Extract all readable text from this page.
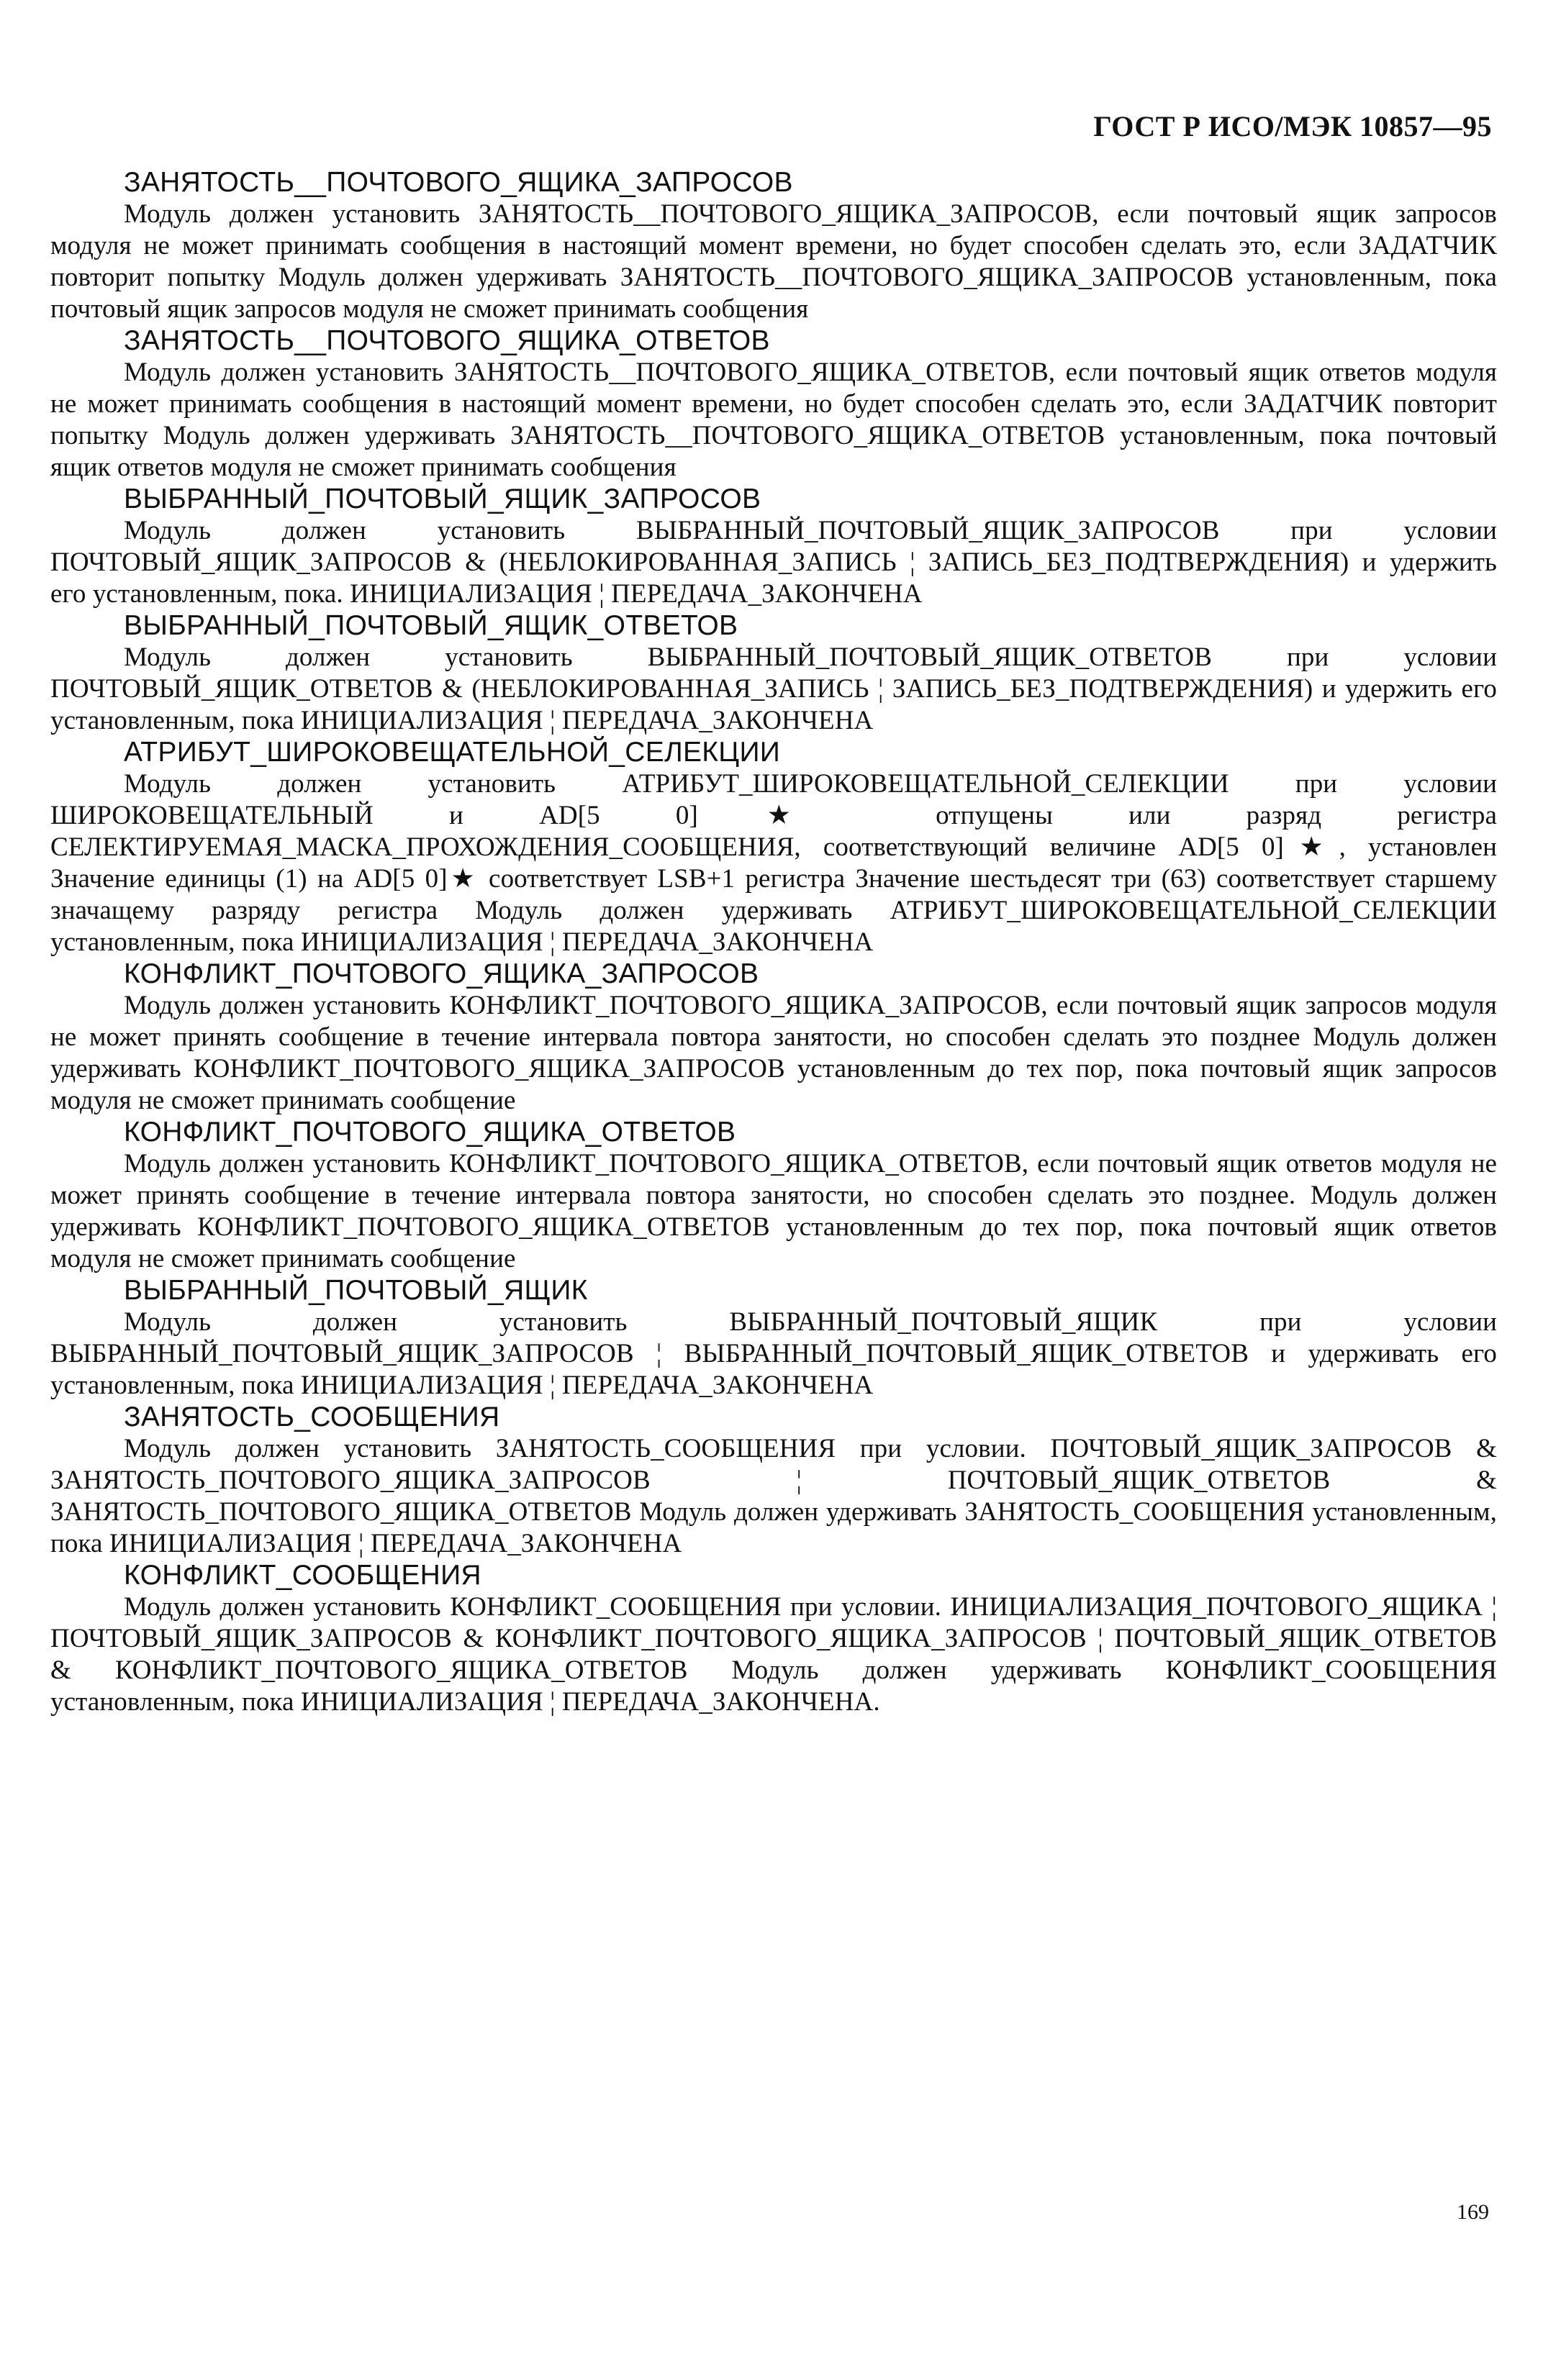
ГОСТ Р ИСО/МЭК 10857—95
ЗАНЯТОСТЬ__ПОЧТОВОГО_ЯЩИКА_ЗАПРОСОВ
Модуль должен установить ЗАНЯТОСТЬ__ПОЧТОВОГО_ЯЩИКА_ЗАПРОСОВ, если почтовый ящик запросов модуля не может принимать сообщения в настоящий момент времени, но будет способен сделать это, если ЗАДАТЧИК повторит попытку Модуль должен удерживать ЗАНЯТОСТЬ__ПОЧТОВОГО_ЯЩИКА_ЗАПРОСОВ установленным, пока почтовый ящик запросов модуля не сможет принимать сообщения
ЗАНЯТОСТЬ__ПОЧТОВОГО_ЯЩИКА_ОТВЕТОВ
Модуль должен установить ЗАНЯТОСТЬ__ПОЧТОВОГО_ЯЩИКА_ОТВЕТОВ, если почтовый ящик ответов модуля не может принимать сообщения в настоящий момент времени, но будет способен сделать это, если ЗАДАТЧИК повторит попытку Модуль должен удерживать ЗАНЯТОСТЬ__ПОЧТОВОГО_ЯЩИКА_ОТВЕТОВ установленным, пока почтовый ящик ответов модуля не сможет принимать сообщения
ВЫБРАННЫЙ_ПОЧТОВЫЙ_ЯЩИК_ЗАПРОСОВ
Модуль должен установить ВЫБРАННЫЙ_ПОЧТОВЫЙ_ЯЩИК_ЗАПРОСОВ при условии ПОЧТОВЫЙ_ЯЩИК_ЗАПРОСОВ & (НЕБЛОКИРОВАННАЯ_ЗАПИСЬ ¦ ЗАПИСЬ_БЕЗ_ПОДТВЕРЖДЕНИЯ) и удержить его установленным, пока. ИНИЦИАЛИЗАЦИЯ ¦ ПЕРЕДАЧА_ЗАКОНЧЕНА
ВЫБРАННЫЙ_ПОЧТОВЫЙ_ЯЩИК_ОТВЕТОВ
Модуль должен установить ВЫБРАННЫЙ_ПОЧТОВЫЙ_ЯЩИК_ОТВЕТОВ при условии ПОЧТОВЫЙ_ЯЩИК_ОТВЕТОВ & (НЕБЛОКИРОВАННАЯ_ЗАПИСЬ ¦ ЗАПИСЬ_БЕЗ_ПОДТВЕРЖДЕНИЯ) и удержить его установленным, пока ИНИЦИАЛИЗАЦИЯ ¦ ПЕРЕДАЧА_ЗАКОНЧЕНА
АТРИБУТ_ШИРОКОВЕЩАТЕЛЬНОЙ_СЕЛЕКЦИИ
Модуль должен установить АТРИБУТ_ШИРОКОВЕЩАТЕЛЬНОЙ_СЕЛЕКЦИИ при условии ШИРОКОВЕЩАТЕЛЬНЫЙ и AD[5 0]★ отпущены или разряд регистра СЕЛЕКТИРУЕМАЯ_МАСКА_ПРОХОЖДЕНИЯ_СООБЩЕНИЯ, соответствующий величине AD[5 0]★, установлен Значение единицы (1) на AD[5 0]★ соответствует LSB+1 регистра Значение шестьдесят три (63) соответствует старшему значащему разряду регистра Модуль должен удерживать АТРИБУТ_ШИРОКОВЕЩАТЕЛЬНОЙ_СЕЛЕКЦИИ установленным, пока ИНИЦИАЛИЗАЦИЯ ¦ ПЕРЕДАЧА_ЗАКОНЧЕНА
КОНФЛИКТ_ПОЧТОВОГО_ЯЩИКА_ЗАПРОСОВ
Модуль должен установить КОНФЛИКТ_ПОЧТОВОГО_ЯЩИКА_ЗАПРОСОВ, если почтовый ящик запросов модуля не может принять сообщение в течение интервала повтора занятости, но способен сделать это позднее Модуль должен удерживать КОНФЛИКТ_ПОЧТОВОГО_ЯЩИКА_ЗАПРОСОВ установленным до тех пор, пока почтовый ящик запросов модуля не сможет принимать сообщение
КОНФЛИКТ_ПОЧТОВОГО_ЯЩИКА_ОТВЕТОВ
Модуль должен установить КОНФЛИКТ_ПОЧТОВОГО_ЯЩИКА_ОТВЕТОВ, если почтовый ящик ответов модуля не может принять сообщение в течение интервала повтора занятости, но способен сделать это позднее. Модуль должен удерживать КОНФЛИКТ_ПОЧТОВОГО_ЯЩИКА_ОТВЕТОВ установленным до тех пор, пока почтовый ящик ответов модуля не сможет принимать сообщение
ВЫБРАННЫЙ_ПОЧТОВЫЙ_ЯЩИК
Модуль должен установить ВЫБРАННЫЙ_ПОЧТОВЫЙ_ЯЩИК при условии ВЫБРАННЫЙ_ПОЧТОВЫЙ_ЯЩИК_ЗАПРОСОВ ¦ ВЫБРАННЫЙ_ПОЧТОВЫЙ_ЯЩИК_ОТВЕТОВ и удерживать его установленным, пока ИНИЦИАЛИЗАЦИЯ ¦ ПЕРЕДАЧА_ЗАКОНЧЕНА
ЗАНЯТОСТЬ_СООБЩЕНИЯ
Модуль должен установить ЗАНЯТОСТЬ_СООБЩЕНИЯ при условии. ПОЧТОВЫЙ_ЯЩИК_ЗАПРОСОВ & ЗАНЯТОСТЬ_ПОЧТОВОГО_ЯЩИКА_ЗАПРОСОВ ¦ ПОЧТОВЫЙ_ЯЩИК_ОТВЕТОВ & ЗАНЯТОСТЬ_ПОЧТОВОГО_ЯЩИКА_ОТВЕТОВ Модуль должен удерживать ЗАНЯТОСТЬ_СООБЩЕНИЯ установленным, пока ИНИЦИАЛИЗАЦИЯ ¦ ПЕРЕДАЧА_ЗАКОНЧЕНА
КОНФЛИКТ_СООБЩЕНИЯ
Модуль должен установить КОНФЛИКТ_СООБЩЕНИЯ при условии. ИНИЦИАЛИЗАЦИЯ_ПОЧТОВОГО_ЯЩИКА ¦ ПОЧТОВЫЙ_ЯЩИК_ЗАПРОСОВ & КОНФЛИКТ_ПОЧТОВОГО_ЯЩИКА_ЗАПРОСОВ ¦ ПОЧТОВЫЙ_ЯЩИК_ОТВЕТОВ & КОНФЛИКТ_ПОЧТОВОГО_ЯЩИКА_ОТВЕТОВ Модуль должен удерживать КОНФЛИКТ_СООБЩЕНИЯ установленным, пока ИНИЦИАЛИЗАЦИЯ ¦ ПЕРЕДАЧА_ЗАКОНЧЕНА.
169
